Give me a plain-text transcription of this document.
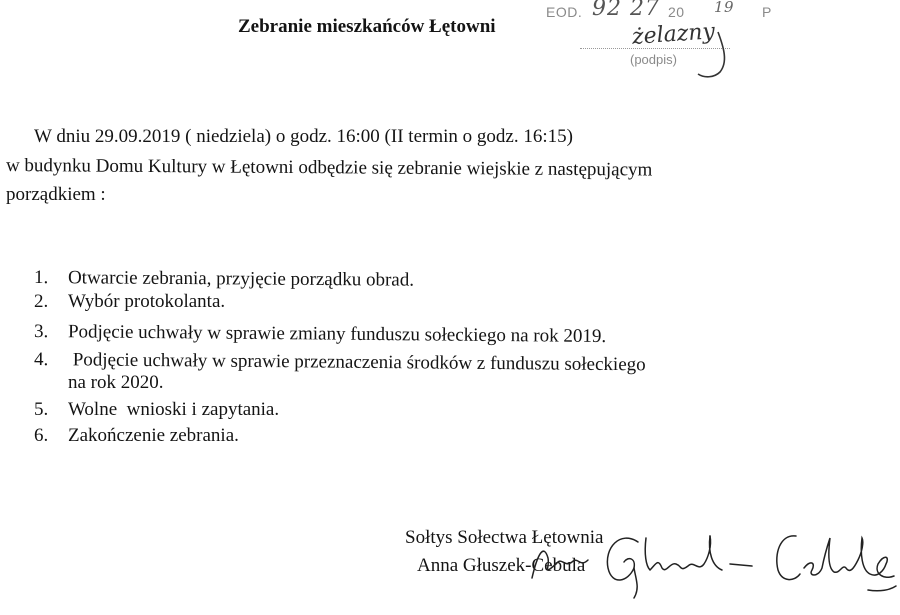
EOD. 92 27 20 19 P
Zebranie mieszkańców Łętowni	żelazny
(podpis)

W dniu 29.09.2019 ( niedziela) o godz. 16:00 (II termin o godz. 16:15)

w budynku Domu Kultury w Łętowni odbędzie się zebranie wiejskie z następującym

porządkiem :

1. Otwarcie zebrania, przyjęcie porządku obrad.
2. Wybór protokolanta.
3. Podjęcie uchwały w sprawie zmiany funduszu sołeckiego na rok 2019.
4. Podjęcie uchwały w sprawie przeznaczenia środków z funduszu sołeckiego
na rok 2020.
5. Wolne  wnioski i zapytania.
6. Zakończenie zebrania.
Sołtys Sołectwa Łętownia
Anna Głuszek-Cebula
Anna Głuszek- Cebula
